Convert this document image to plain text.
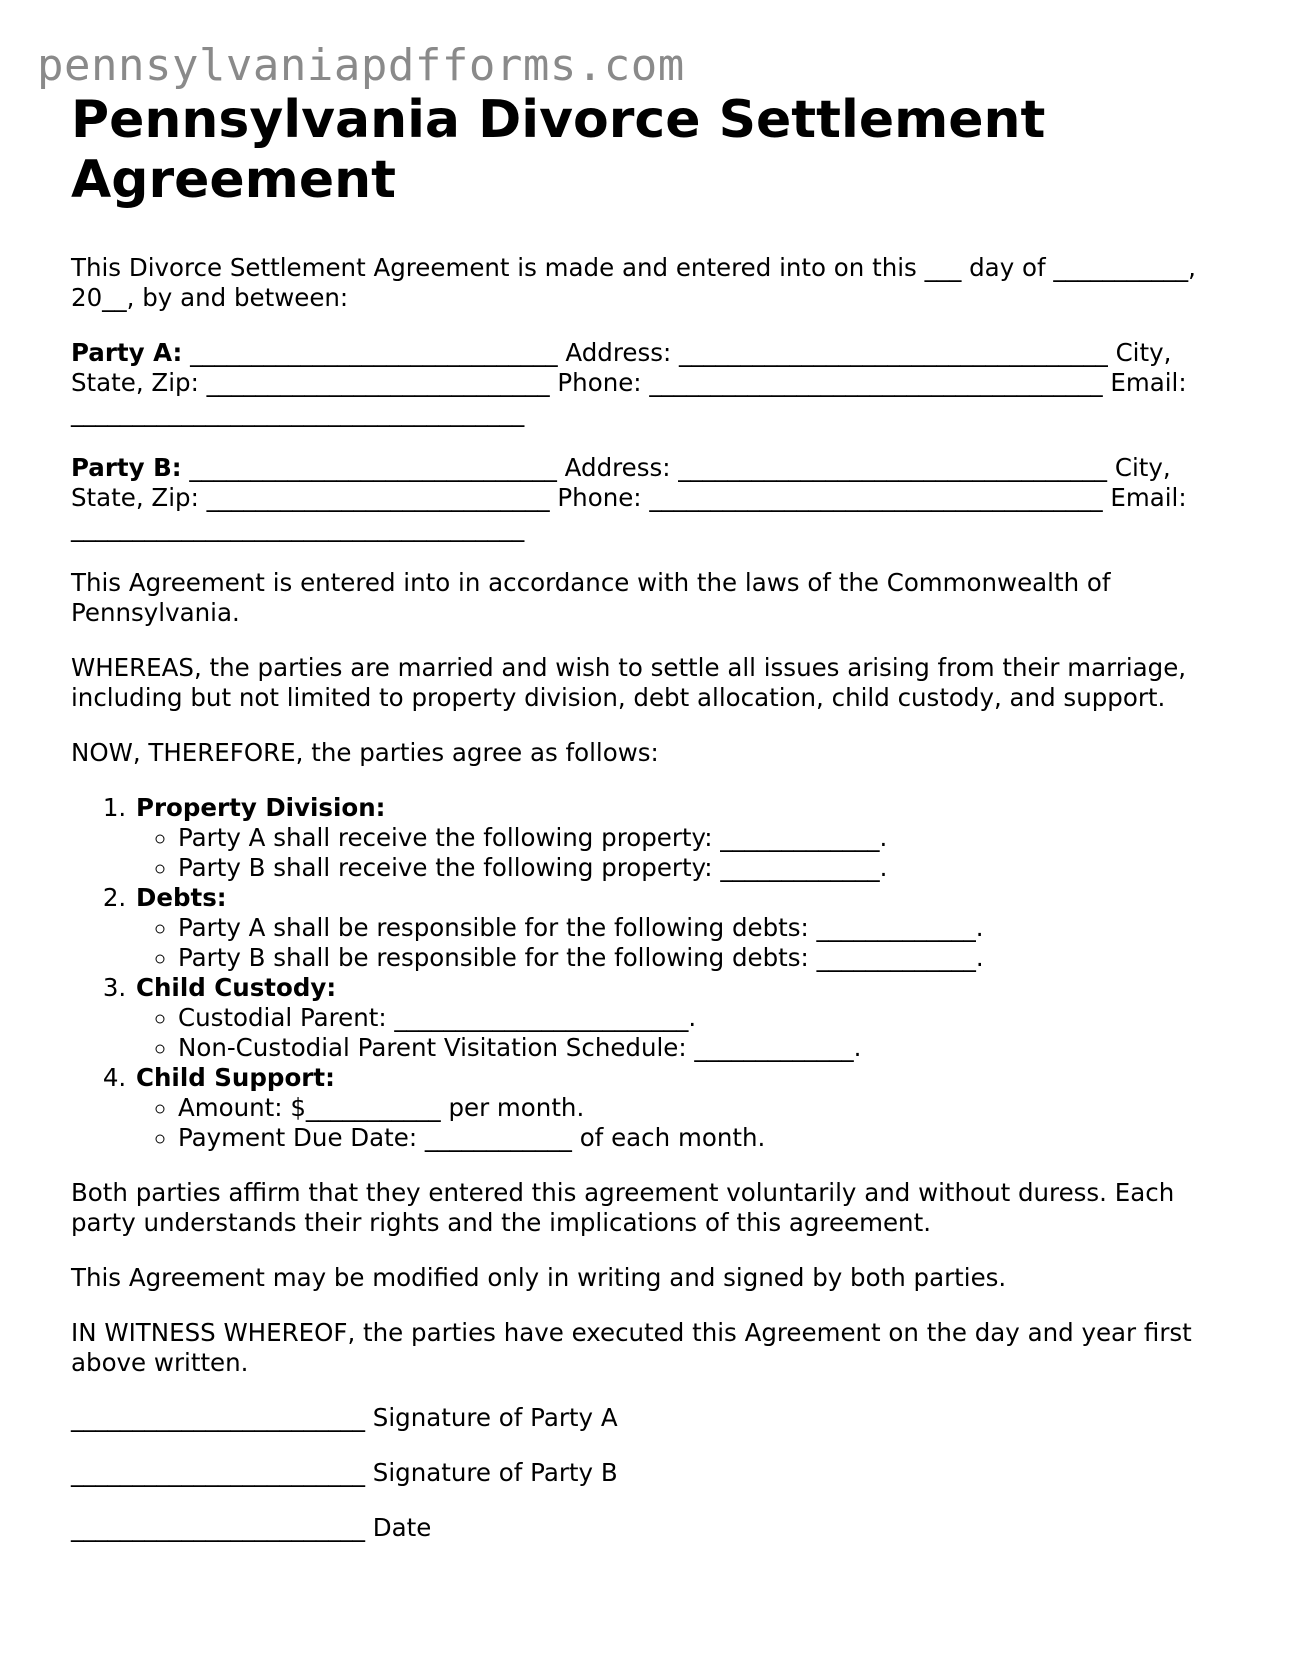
pennsylvaniapdfforms.com
Pennsylvania Divorce Settlement Agreement

This Divorce Settlement Agreement is made and entered into on this ___ day of ___________, 20__, by and between:

Party A: ______________________________ Address: ___________________________________ City, State, Zip: ____________________________ Phone: _____________________________________ Email: _____________________________________

Party B: ______________________________ Address: ___________________________________ City, State, Zip: ____________________________ Phone: _____________________________________ Email: _____________________________________

This Agreement is entered into in accordance with the laws of the Commonwealth of Pennsylvania.

WHEREAS, the parties are married and wish to settle all issues arising from their marriage, including but not limited to property division, debt allocation, child custody, and support.

NOW, THEREFORE, the parties agree as follows:

1. Property Division:
◦ Party A shall receive the following property: _____________.
◦ Party B shall receive the following property: _____________.
2. Debts:
◦ Party A shall be responsible for the following debts: _____________.
◦ Party B shall be responsible for the following debts: _____________.
3. Child Custody:
◦ Custodial Parent: ________________________.
◦ Non-Custodial Parent Visitation Schedule: _____________.
4. Child Support:
◦ Amount: $___________ per month.
◦ Payment Due Date: ____________ of each month.

Both parties affirm that they entered this agreement voluntarily and without duress. Each party understands their rights and the implications of this agreement.

This Agreement may be modified only in writing and signed by both parties.

IN WITNESS WHEREOF, the parties have executed this Agreement on the day and year first above written.

________________________ Signature of Party A
________________________ Signature of Party B
________________________ Date
